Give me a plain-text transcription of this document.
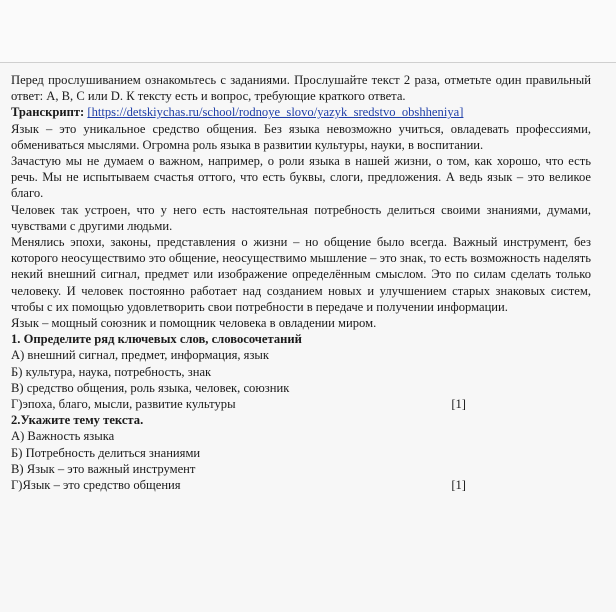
Перед прослушиванием ознакомьтесь с заданиями. Прослушайте текст 2 раза, отметьте один правильный ответ: А, В, С или D. К тексту есть и вопрос, требующие краткого ответа.

Транскрипт: [https://detskiychas.ru/school/rodnoye_slovo/yazyk_sredstvo_obshheniya]

Язык – это уникальное средство общения. Без языка невозможно учиться, овладевать профессиями, обмениваться мыслями. Огромна роль языка в развитии культуры, науки, в воспитании.

Зачастую мы не думаем о важном, например, о роли языка в нашей жизни, о том, как хорошо, что есть речь. Мы не испытываем счастья оттого, что есть буквы, слоги, предложения. А ведь язык – это великое благо.

Человек так устроен, что у него есть настоятельная потребность делиться своими знаниями, думами, чувствами с другими людьми.

Менялись эпохи, законы, представления о жизни – но общение было всегда. Важный инструмент, без которого неосуществимо это общение, неосуществимо мышление – это знак, то есть возможность наделять некий внешний сигнал, предмет или изображение определённым смыслом. Это по силам сделать только человеку. И человек постоянно работает над созданием новых и улучшением старых знаковых систем, чтобы с их помощью удовлетворить свои потребности в передаче и получении информации.

Язык – мощный союзник и помощник человека в овладении миром.

1. Определите ряд ключевых слов, словосочетаний

А) внешний сигнал, предмет, информация, язык

Б) культура, наука, потребность, знак

В) средство общения, роль языка, человек, союзник

Г)эпоха, благо, мысли, развитие культуры	[1]

2.Укажите тему текста.

А) Важность языка

Б) Потребность делиться знаниями

В) Язык – это важный инструмент

Г)Язык – это средство общения	[1]
